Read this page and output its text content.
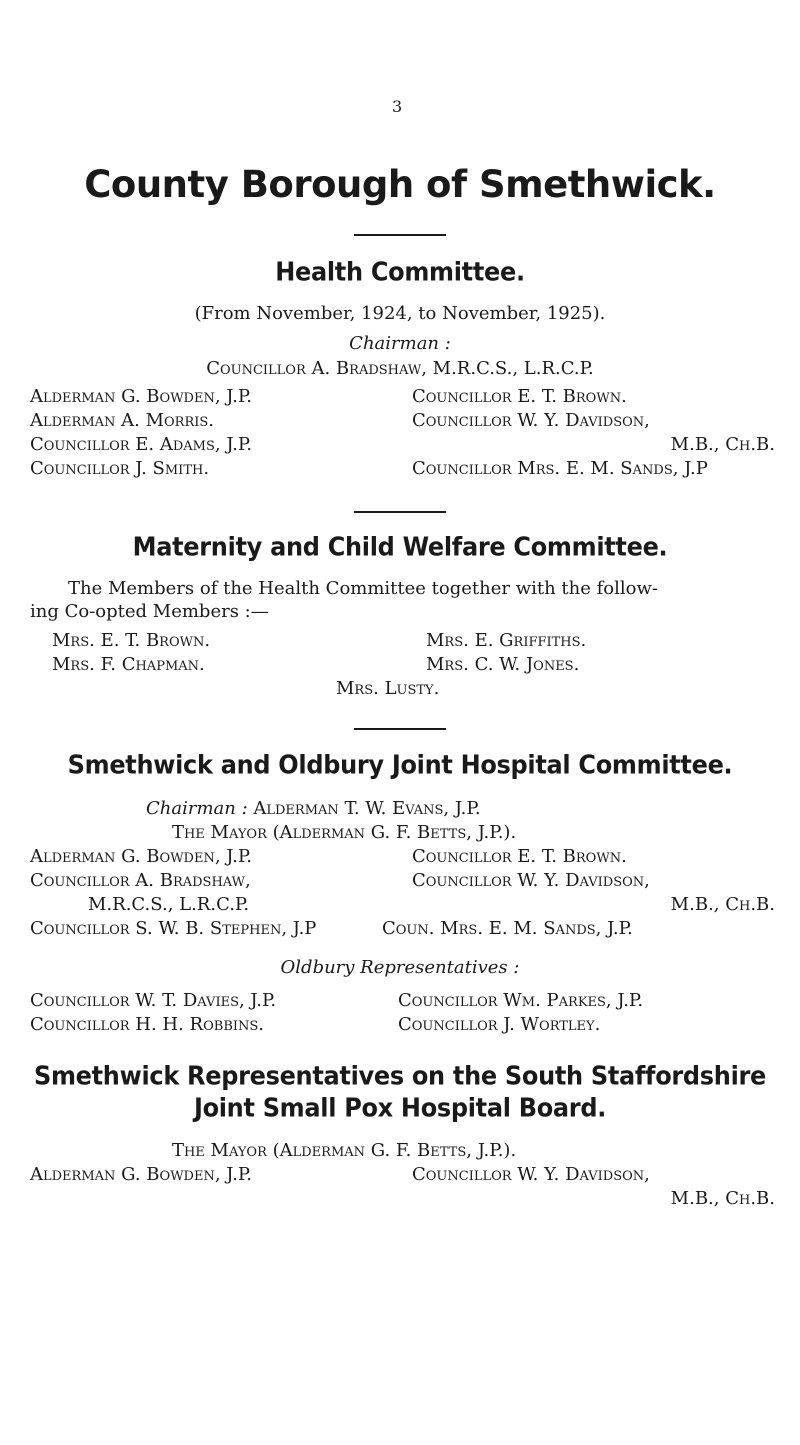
3
County Borough of Smethwick.
Health Committee.
(From November, 1924, to November, 1925).
Chairman :
Councillor A. Bradshaw, M.R.C.S., L.R.C.P.
Alderman G. Bowden, J.P.
Alderman A. Morris.
Councillor E. Adams, J.P.
Councillor J. Smith.
Councillor E. T. Brown.
Councillor W. Y. Davidson,
M.B., Ch.B.
Councillor Mrs. E. M. Sands, J.P
Maternity and Child Welfare Committee.
The Members of the Health Committee together with the follow-
ing Co-opted Members :—
Mrs. E. T. Brown.
Mrs. F. Chapman.
Mrs. E. Griffiths.
Mrs. C. W. Jones.
Mrs. Lusty.
Smethwick and Oldbury Joint Hospital Committee.
Chairman : Alderman T. W. Evans, J.P.
The Mayor (Alderman G. F. Betts, J.P.).
Alderman G. Bowden, J.P.
Councillor A. Bradshaw,
M.R.C.S., L.R.C.P.
Councillor S. W. B. Stephen, J.P
Councillor E. T. Brown.
Councillor W. Y. Davidson,
M.B., Ch.B.
Coun. Mrs. E. M. Sands, J.P.
Oldbury Representatives :
Councillor W. T. Davies, J.P.
Councillor H. H. Robbins.
Councillor Wm. Parkes, J.P.
Councillor J. Wortley.
Smethwick Representatives on the South Staffordshire
Joint Small Pox Hospital Board.
The Mayor (Alderman G. F. Betts, J.P.).
Alderman G. Bowden, J.P.	Councillor W. Y. Davidson,
M.B., Ch.B.
